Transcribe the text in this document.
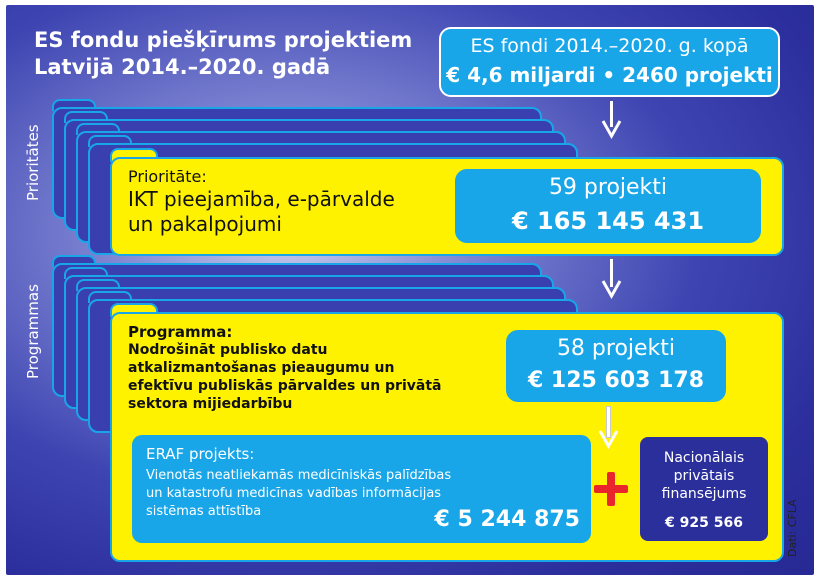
ES fondu piešķīrums projektiem
Latvijā 2014.–2020. gadā
ES fondi 2014.–2020. g. kopā
€ 4,6 miljardi • 2460 projekti
Prioritātes	Prioritāte:
IKT pieejamība, e-pārvalde
un pakalpojumi
59 projekti
€ 165 145 431
Programmas	Programma:
Nodrošināt publisko datu
atkalizmantošanas pieaugumu un
efektīvu publiskās pārvaldes un privātā
sektora mijiedarbību
58 projekti
€ 125 603 178
ERAF projekts:
Vienotās neatliekamās medicīniskās palīdzības
un katastrofu medicīnas vadības informācijas
sistēmas attīstība	€ 5 244 875
Nacionālais
privātais
finansējums
€ 925 566	Dati: CFLA
